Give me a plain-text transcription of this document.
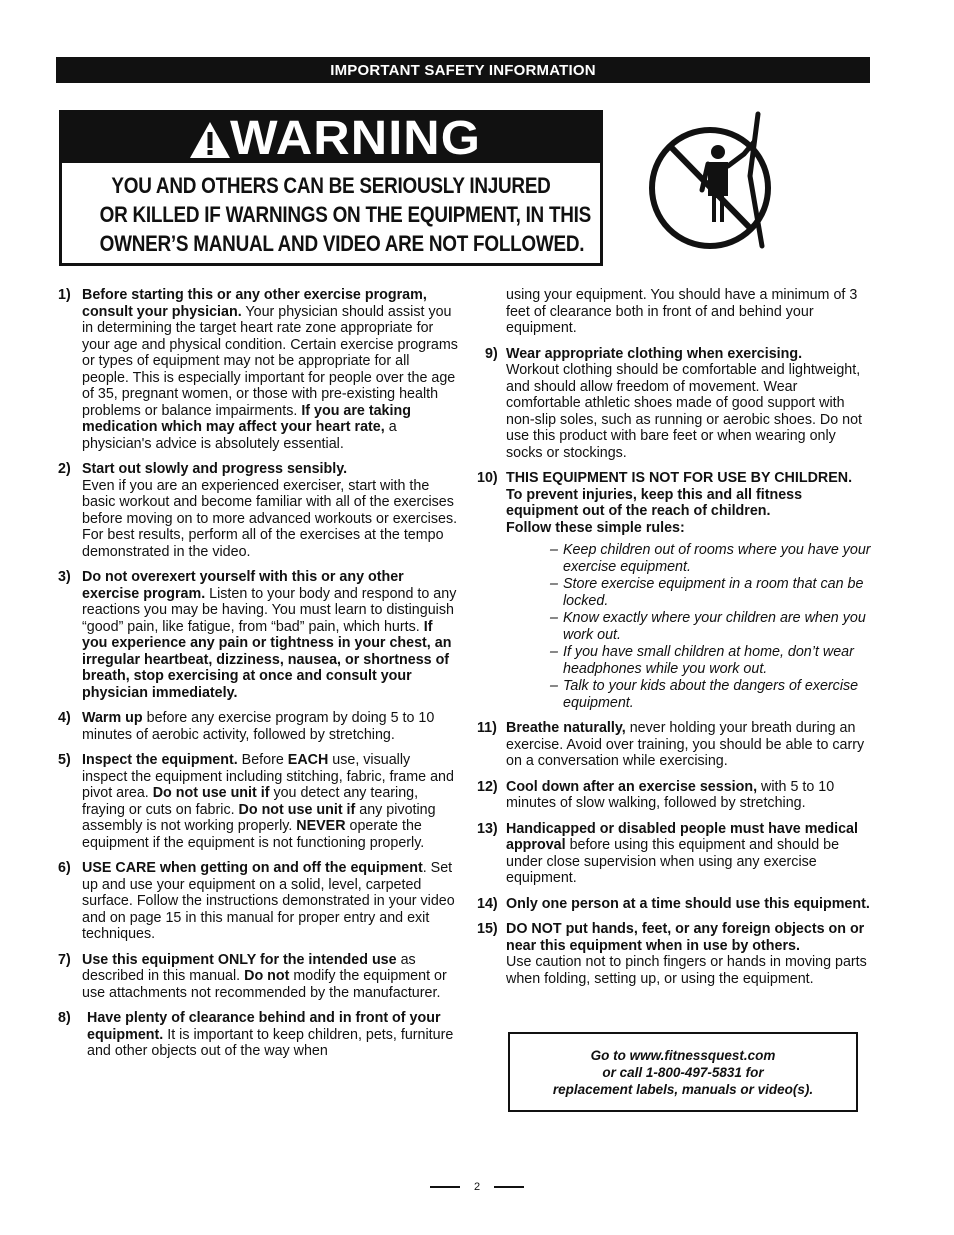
IMPORTANT SAFETY INFORMATION
WARNING
YOU AND OTHERS CAN BE SERIOUSLY INJURED
OR KILLED IF WARNINGS ON THE EQUIPMENT, IN THIS
OWNER’S MANUAL AND VIDEO ARE NOT FOLLOWED.
1) Before starting this or any other exercise program, consult your physician. Your physician should assist you in determining the target heart rate zone appropriate for your age and physical condition. Certain exercise programs or types of equipment may not be appropriate for all people. This is especially important for people over the age of 35, pregnant women, or those with pre-existing health problems or balance impairments. If you are taking medication which may affect your heart rate, a physician's advice is absolutely essential.
2) Start out slowly and progress sensibly.
Even if you are an experienced exerciser, start with the basic workout and become familiar with all of the exercises before moving on to more advanced workouts or exercises. For best results, perform all of the exercises at the tempo demonstrated in the video.
3) Do not overexert yourself with this or any other exercise program. Listen to your body and respond to any reactions you may be having. You must learn to distinguish “good” pain, like fatigue, from “bad” pain, which hurts. If you experience any pain or tightness in your chest, an irregular heartbeat, dizziness, nausea, or shortness of breath, stop exercising at once and consult your physician immediately.
4) Warm up before any exercise program by doing 5 to 10 minutes of aerobic activity, followed by stretching.
5) Inspect the equipment. Before EACH use, visually inspect the equipment including stitching, fabric, frame and pivot area. Do not use unit if you detect any tearing, fraying or cuts on fabric. Do not use unit if any pivoting assembly is not working properly. NEVER operate the equipment if the equipment is not functioning properly.
6) USE CARE when getting on and off the equipment. Set up and use your equipment on a solid, level, carpeted surface. Follow the instructions demonstrated in your video and on page 15 in this manual for proper entry and exit techniques.
7) Use this equipment ONLY for the intended use as described in this manual. Do not modify the equipment or use attachments not recommended by the manufacturer.
8) Have plenty of clearance behind and in front of your equipment. It is important to keep children, pets, furniture and other objects out of the way when
using your equipment. You should have a minimum of 3 feet of clearance both in front of and behind your equipment.
9) Wear appropriate clothing when exercising.
Workout clothing should be comfortable and lightweight, and should allow freedom of movement. Wear comfortable athletic shoes made of good support with non-slip soles, such as running or aerobic shoes. Do not use this product with bare feet or when wearing only socks or stockings.
10) THIS EQUIPMENT IS NOT FOR USE BY CHILDREN. To prevent injuries, keep this and all fitness equipment out of the reach of children.
Follow these simple rules:
– Keep children out of rooms where you have your exercise equipment.
– Store exercise equipment in a room that can be locked.
– Know exactly where your children are when you work out.
– If you have small children at home, don’t wear headphones while you work out.
– Talk to your kids about the dangers of exercise equipment.
11) Breathe naturally, never holding your breath during an exercise. Avoid over training, you should be able to carry on a conversation while exercising.
12) Cool down after an exercise session, with 5 to 10 minutes of slow walking, followed by stretching.
13) Handicapped or disabled people must have medical approval before using this equipment and should be under close supervision when using any exercise equipment.
14) Only one person at a time should use this equipment.
15) DO NOT put hands, feet, or any foreign objects on or near this equipment when in use by others.
Use caution not to pinch fingers or hands in moving parts when folding, setting up, or using the equipment.
Go to www.fitnessquest.com
or call 1-800-497-5831 for
replacement labels, manuals or video(s).
2
